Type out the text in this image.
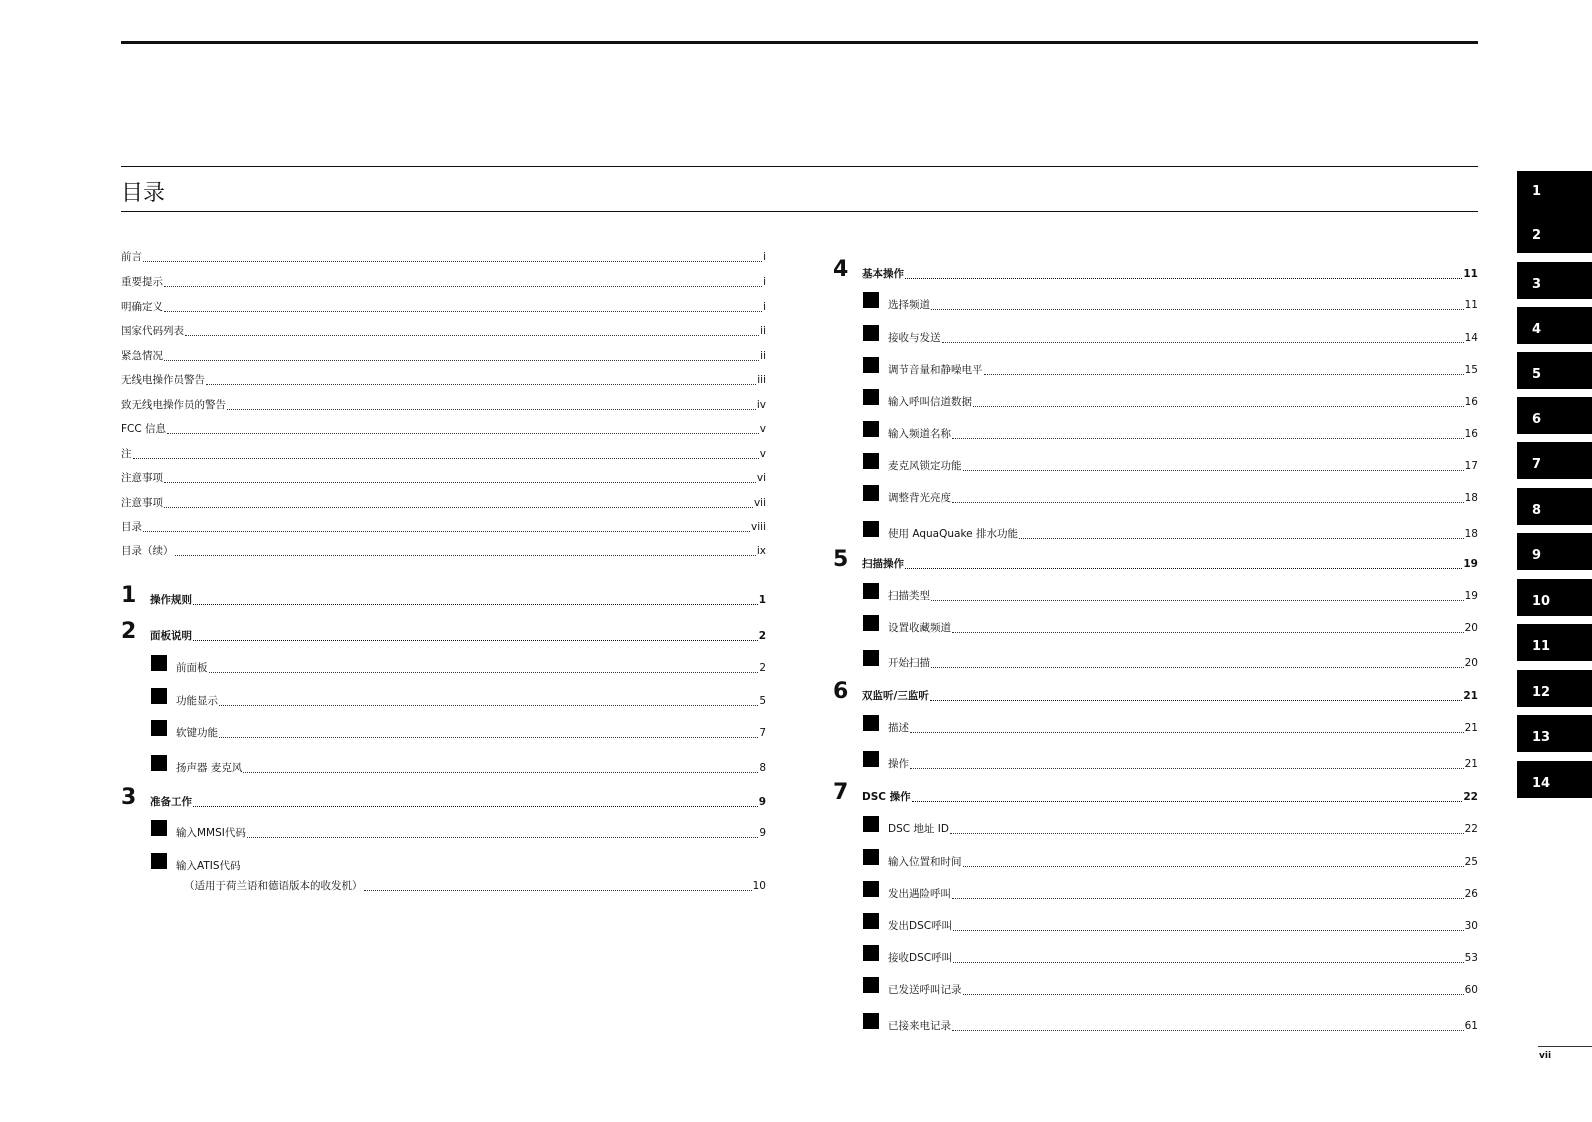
目录
前言	i
重要提示	i
明确定义	i
国家代码列表	ii
紧急情况	ii
无线电操作员警告	iii
致无线电操作员的警告	iv
FCC 信息	v
注	v
注意事项	vi
注意事项	vii
目录	viii
目录（续）	ix
1	操作规则	1
2	面板说明	2
前面板	2
功能显示	5
软键功能	7
扬声器 麦克风	8
3	准备工作	9
输入MMSI代码	9
输入ATIS代码
（适用于荷兰语和德语版本的收发机）	10
4	基本操作	11
选择频道	11
接收与发送	14
调节音量和静噪电平	15
输入呼叫信道数据	16
输入频道名称	16
麦克风锁定功能	17
调整背光亮度	18
使用 AquaQuake 排水功能	18
5	扫描操作	19
扫描类型	19
设置收藏频道	20
开始扫描	20
6	双监听/三监听	21
描述	21
操作	21
7	DSC 操作	22
DSC 地址 ID	22
输入位置和时间	25
发出遇险呼叫	26
发出DSC呼叫	30
接收DSC呼叫	53
已发送呼叫记录	60
已接来电记录	61
1
2
3
4
5
6
7
8
9
10
11
12
13
14
vii
